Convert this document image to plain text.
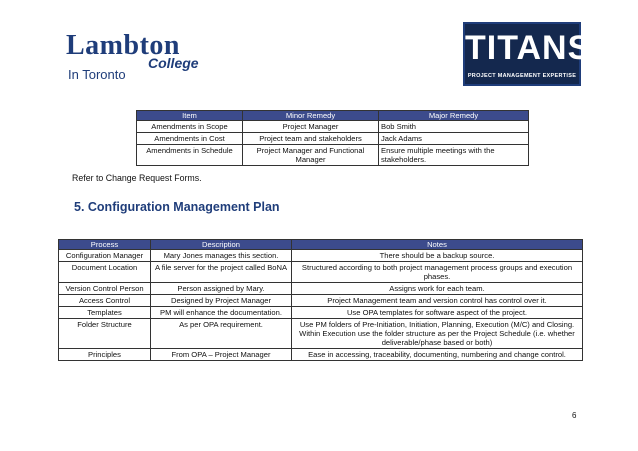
Lambton
College
In Toronto
TITANS
PROJECT MANAGEMENT EXPERTISE
Item	Minor Remedy	Major Remedy
Amendments in Scope	Project Manager	Bob Smith
Amendments in Cost	Project team and stakeholders	Jack Adams
Amendments in Schedule	Project Manager and Functional Manager	Ensure multiple meetings with the stakeholders.
Refer to Change Request Forms.
5. Configuration Management Plan
Process	Description	Notes
Configuration Manager	Mary Jones manages this section.	There should be a backup source.
Document Location	A file server for the project called BoNA	Structured according to both project management process groups and execution phases.
Version Control Person	Person assigned by Mary.	Assigns work for each team.
Access Control	Designed by Project Manager	Project Management team and version control has control over it.
Templates	PM will enhance the documentation.	Use OPA templates for software aspect of the project.
Folder Structure	As per OPA requirement.	Use PM folders of Pre-Initiation, Initiation, Planning, Execution (M/C) and Closing. Within Execution use the folder structure as per the Project Schedule (i.e. whether deliverable/phase based or both)
Principles	From OPA – Project Manager	Ease in accessing, traceability, documenting, numbering and change control.
6
